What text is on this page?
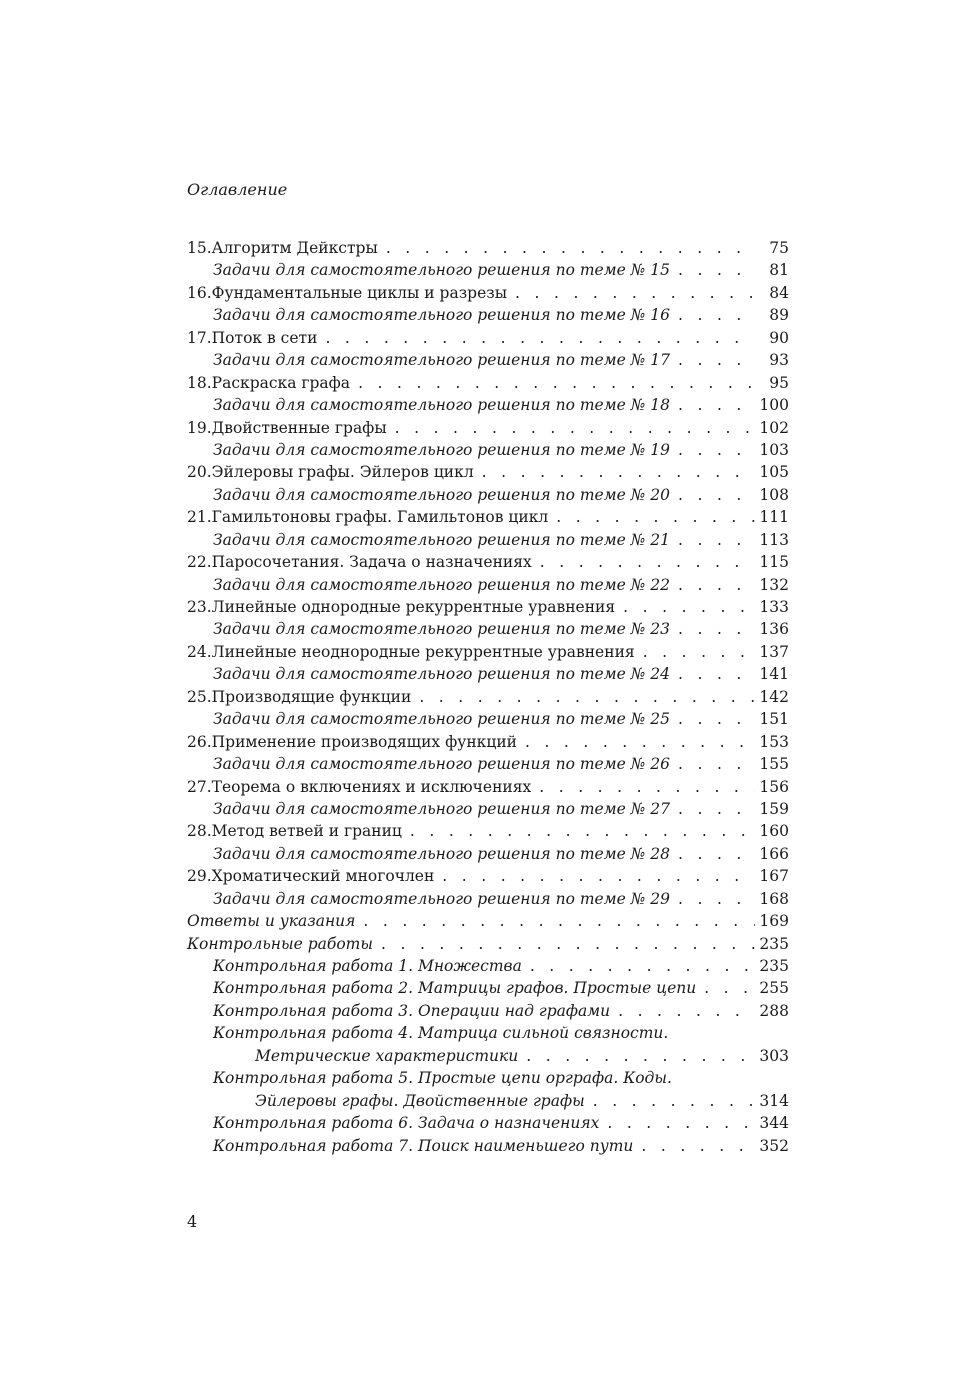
Оглавление
15. Алгоритм Дейкстры . . .	75
Задачи для самостоятельного решения по теме № 15 . . .	81
16. Фундаментальные циклы и разрезы . . .	84
Задачи для самостоятельного решения по теме № 16 . . .	89
17. Поток в сети . . .	90
Задачи для самостоятельного решения по теме № 17 . . .	93
18. Раскраска графа . . .	95
Задачи для самостоятельного решения по теме № 18 . . .	100
19. Двойственные графы . . .	102
Задачи для самостоятельного решения по теме № 19 . . .	103
20. Эйлеровы графы. Эйлеров цикл . . .	105
Задачи для самостоятельного решения по теме № 20 . . .	108
21. Гамильтоновы графы. Гамильтонов цикл . . .	111
Задачи для самостоятельного решения по теме № 21 . . .	113
22. Паросочетания. Задача о назначениях . . .	115
Задачи для самостоятельного решения по теме № 22 . . .	132
23. Линейные однородные рекуррентные уравнения . . .	133
Задачи для самостоятельного решения по теме № 23 . . .	136
24. Линейные неоднородные рекуррентные уравнения . . .	137
Задачи для самостоятельного решения по теме № 24 . . .	141
25. Производящие функции . . .	142
Задачи для самостоятельного решения по теме № 25 . . .	151
26. Применение производящих функций . . .	153
Задачи для самостоятельного решения по теме № 26 . . .	155
27. Теорема о включениях и исключениях . . .	156
Задачи для самостоятельного решения по теме № 27 . . .	159
28. Метод ветвей и границ . . .	160
Задачи для самостоятельного решения по теме № 28 . . .	166
29. Хроматический многочлен . . .	167
Задачи для самостоятельного решения по теме № 29 . . .	168
Ответы и указания . . .	169
Контрольные работы . . .	235
Контрольная работа 1. Множества . . .	235
Контрольная работа 2. Матрицы графов. Простые цепи . . .	255
Контрольная работа 3. Операции над графами . . .	288
Контрольная работа 4. Матрица сильной связности.
Метрические характеристики . . .	303
Контрольная работа 5. Простые цепи орграфа. Коды.
Эйлеровы графы. Двойственные графы . . .	314
Контрольная работа 6. Задача о назначениях . . .	344
Контрольная работа 7. Поиск наименьшего пути . . .	352
4
